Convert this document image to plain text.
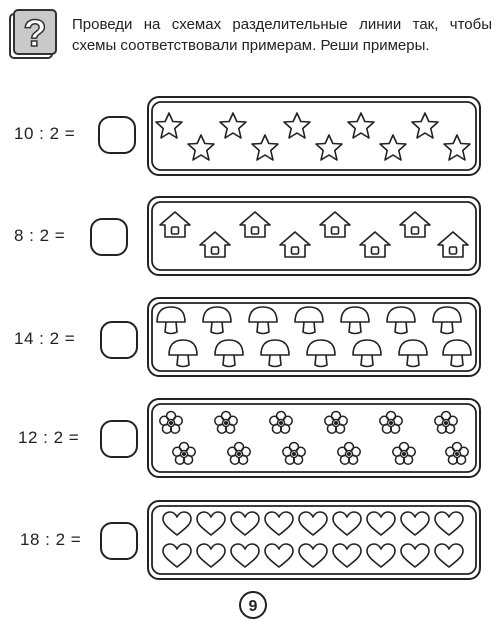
? Проведи на схемах разделительные линии так, чтобы схемы соответствовали примерам. Реши примеры.
10 : 2 =
8 : 2 =
14 : 2 =
12 : 2 =
18 : 2 =
9
